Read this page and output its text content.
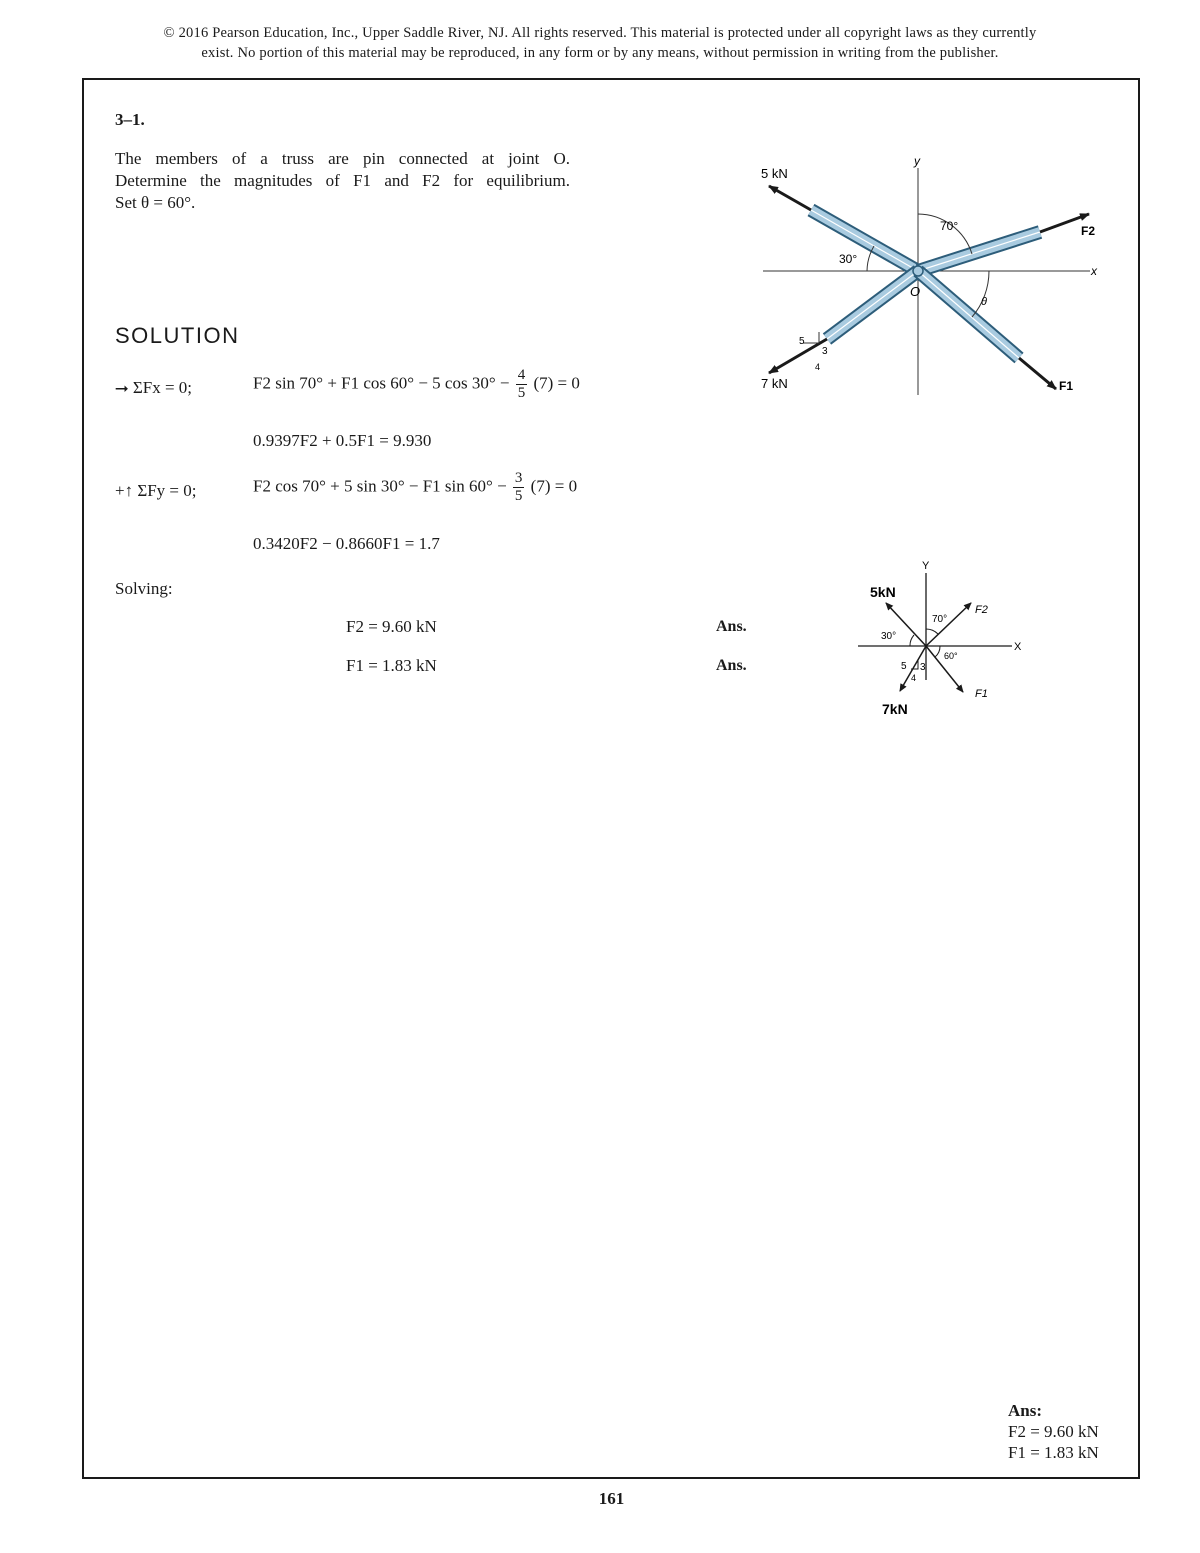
© 2016 Pearson Education, Inc., Upper Saddle River, NJ. All rights reserved. This material is protected under all copyright laws as they currently
exist. No portion of this material may be reproduced, in any form or by any means, without permission in writing from the publisher.
3–1.
The members of a truss are pin connected at joint O.
Determine the magnitudes of F1 and F2 for equilibrium.
Set θ = 60°.
5 kN
y
x
O
F2
F1
7 kN
70°
30°
θ
5
3
4
SOLUTION
⭢ ΣFx = 0;	F2 sin 70° + F1 cos 60° − 5 $\cos 30^\circ - \frac{4}{5} (7) = 0$
0.9397F2 + 0.5F1 = 9.930
+↑ ΣFy = 0;	F2 cos 70° + 5 sin 30° − F1 $\sin 60^\circ - \frac{3}{5} (7) = 0$
0.3420F2 − 0.8660F1 = 1.7
Solving:
F2 = 9.60 kN	Ans.
F1 = 1.83 kN	Ans.
5kN
Y
X
F2
F1
7kN
70°
30°
60°
5 3
4
Ans:
F2 = 9.60 kN
F1 = 1.83 kN
161
